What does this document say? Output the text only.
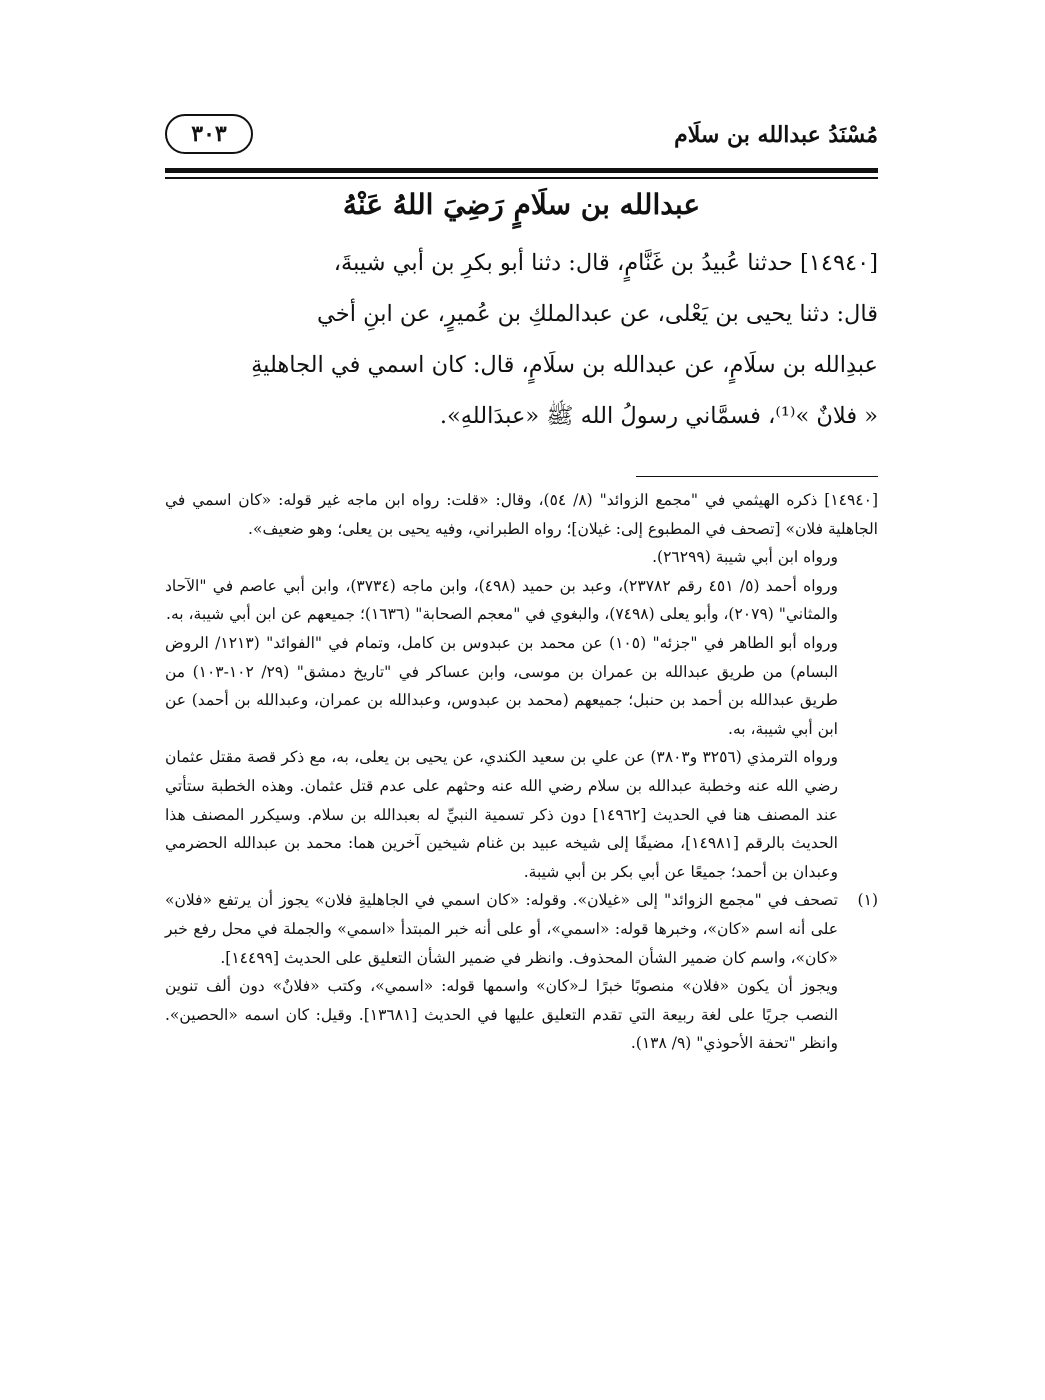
مُسْنَدُ عبدالله بن سلَام
٣٠٣
عبدالله بن سلَامٍ رَضِيَ اللهُ عَنْهُ

[١٤٩٤٠] حدثنا عُبيدُ بن غَنَّامٍ، قال: دثنا أبو بكرِ بن أبي شيبةَ،

قال: دثنا يحيى بن يَعْلى، عن عبدالملكِ بن عُميرٍ، عن ابنِ أخي

عبدِالله بن سلَامٍ، عن عبدالله بن سلَامٍ، قال: كان اسمي في الجاهليةِ

« فلانٌ »⁽¹⁾، فسمَّاني رسولُ الله ﷺ «عبدَاللهِ».

[١٤٩٤٠] ذكره الهيثمي في "مجمع الزوائد" (٨/ ٥٤)، وقال: «قلت: رواه ابن ماجه غير قوله: «كان اسمي في الجاهلية فلان» [تصحف في المطبوع إلى: غيلان]؛ رواه الطبراني، وفيه يحيى بن يعلى؛ وهو ضعيف».

ورواه ابن أبي شيبة (٢٦٢٩٩).

ورواه أحمد (٥/ ٤٥١ رقم ٢٣٧٨٢)، وعبد بن حميد (٤٩٨)، وابن ماجه (٣٧٣٤)، وابن أبي عاصم في "الآحاد والمثاني" (٢٠٧٩)، وأبو يعلى (٧٤٩٨)، والبغوي في "معجم الصحابة" (١٦٣٦)؛ جميعهم عن ابن أبي شيبة، به.

ورواه أبو الطاهر في "جزئه" (١٠٥) عن محمد بن عبدوس بن كامل، وتمام في "الفوائد" (١٢١٣/ الروض البسام) من طريق عبدالله بن عمران بن موسى، وابن عساكر في "تاريخ دمشق" (٢٩/ ١٠٢-١٠٣) من طريق عبدالله بن أحمد بن حنبل؛ جميعهم (محمد بن عبدوس، وعبدالله بن عمران، وعبدالله بن أحمد) عن ابن أبي شيبة، به.

ورواه الترمذي (٣٢٥٦ و٣٨٠٣) عن علي بن سعيد الكندي، عن يحيى بن يعلى، به، مع ذكر قصة مقتل عثمان رضي الله عنه وخطبة عبدالله بن سلام رضي الله عنه وحثهم على عدم قتل عثمان. وهذه الخطبة ستأتي عند المصنف هنا في الحديث [١٤٩٦٢] دون ذكر تسمية النبيِّ له بعبدالله بن سلام. وسيكرر المصنف هذا الحديث بالرقم [١٤٩٨١]، مضيفًا إلى شيخه عبيد بن غنام شيخين آخرين هما: محمد بن عبدالله الحضرمي وعبدان بن أحمد؛ جميعًا عن أبي بكر بن أبي شيبة.

(١)

تصحف في "مجمع الزوائد" إلى «غيلان». وقوله: «كان اسمي في الجاهليةِ فلان» يجوز أن يرتفع «فلان» على أنه اسم «كان»، وخبرها قوله: «اسمي»، أو على أنه خبر المبتدأ «اسمي» والجملة في محل رفع خبر «كان»، واسم كان ضمير الشأن المحذوف. وانظر في ضمير الشأن التعليق على الحديث [١٤٤٩٩].

ويجوز أن يكون «فلان» منصوبًا خبرًا لـ«كان» واسمها قوله: «اسمي»، وكتب «فلانٌ» دون ألف تنوين النصب جريًا على لغة ربيعة التي تقدم التعليق عليها في الحديث [١٣٦٨١]. وقيل: كان اسمه «الحصين». وانظر "تحفة الأحوذي" (٩/ ١٣٨).
